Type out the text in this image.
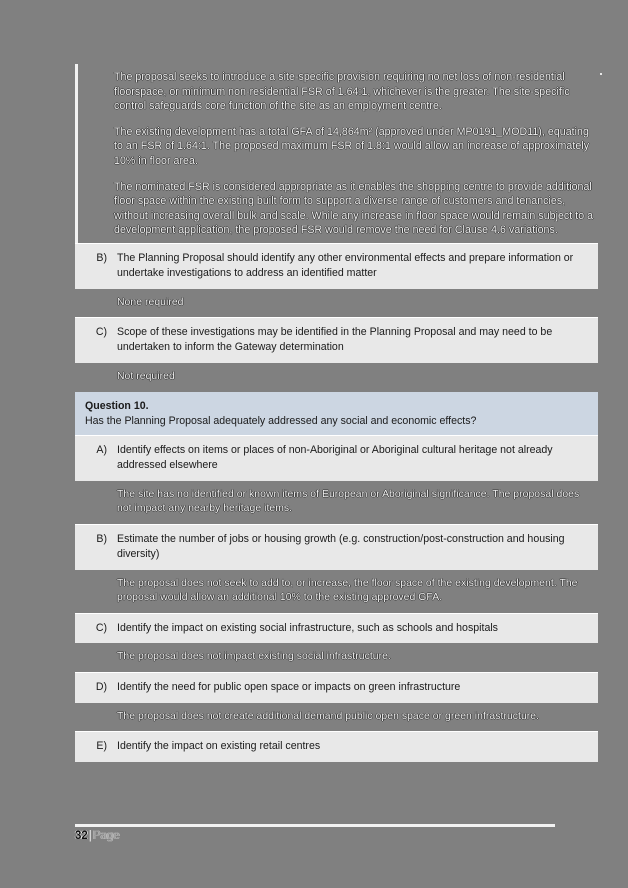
The proposal seeks to introduce a site-specific provision requiring no net loss of non-residential floorspace, or minimum non-residential FSR of 1.64:1, whichever is the greater. The site-specific control safeguards core function of the site as an employment centre.

The existing development has a total GFA of 14,864m² (approved under MP0191_MOD11), equating to an FSR of 1.64:1. The proposed maximum FSR of 1.8:1 would allow an increase of approximately 10% in floor area.

The nominated FSR is considered appropriate as it enables the shopping centre to provide additional floor space within the existing built form to support a diverse range of customers and tenancies, without increasing overall bulk and scale. While any increase in floor space would remain subject to a development application, the proposed FSR would remove the need for Clause 4.6 variations.

B) The Planning Proposal should identify any other environmental effects and prepare information or undertake investigations to address an identified matter
None required
C) Scope of these investigations may be identified in the Planning Proposal and may need to be undertaken to inform the Gateway determination
Not required
Question 10.
Has the Planning Proposal adequately addressed any social and economic effects?
A) Identify effects on items or places of non-Aboriginal or Aboriginal cultural heritage not already addressed elsewhere
The site has no identified or known items of European or Aboriginal significance. The proposal does not impact any nearby heritage items.
B) Estimate the number of jobs or housing growth (e.g. construction/post-construction and housing diversity)
The proposal does not seek to add to, or increase, the floor space of the existing development. The proposal would allow an additional 10% to the existing approved GFA.
C) Identify the impact on existing social infrastructure, such as schools and hospitals
The proposal does not impact existing social infrastructure.
D) Identify the need for public open space or impacts on green infrastructure
The proposal does not create additional demand public open space or green infrastructure.
E) Identify the impact on existing retail centres
32|Page
